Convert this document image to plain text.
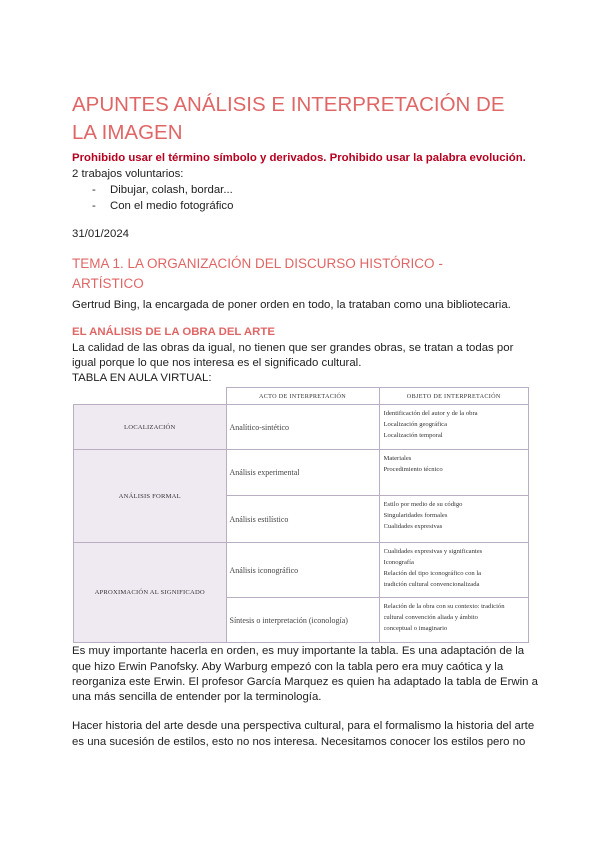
APUNTES ANÁLISIS E INTERPRETACIÓN DE LA IMAGEN
Prohibido usar el término símbolo y derivados. Prohibido usar la palabra evolución.
2 trabajos voluntarios:
- Dibujar, colash, bordar...
- Con el medio fotográfico
31/01/2024
TEMA 1. LA ORGANIZACIÓN DEL DISCURSO HISTÓRICO -ARTÍSTICO
Gertrud Bing, la encargada de poner orden en todo, la trataban como una bibliotecaria.
EL ANÁLISIS DE LA OBRA DEL ARTE
La calidad de las obras da igual, no tienen que ser grandes obras, se tratan a todas por
igual porque lo que nos interesa es el significado cultural.
TABLA EN AULA VIRTUAL:
	ACTO DE INTERPRETACIÓN	OBJETO DE INTERPRETACIÓN
LOCALIZACIÓN	Analítico-sintético	Identificación del autor y de la obra
Localización geográfica
Localización temporal

ANÁLISIS FORMAL	Análisis experimental	Materiales
Procedimiento técnico

	Análisis estilístico	Estilo por medio de su código
Singularidades formales
Cualidades expresivas

APROXIMACIÓN AL SIGNIFICADO	Análisis iconográfico	Cualidades expresivas y significantes
Iconografía
Relación del tipo iconográfico con la
tradición cultural convencionalizada

	Síntesis o interpretación (iconología)	Relación de la obra con su contexto: tradición
cultural convención aliada y ámbito
conceptual o imaginario
Es muy importante hacerla en orden, es muy importante la tabla. Es una adaptación de la
que hizo Erwin Panofsky. Aby Warburg empezó con la tabla pero era muy caótica y la
reorganiza este Erwin. El profesor García Marquez es quien ha adaptado la tabla de Erwin a
una más sencilla de entender por la terminología.
Hacer historia del arte desde una perspectiva cultural, para el formalismo la historia del arte
es una sucesión de estilos, esto no nos interesa. Necesitamos conocer los estilos pero no
